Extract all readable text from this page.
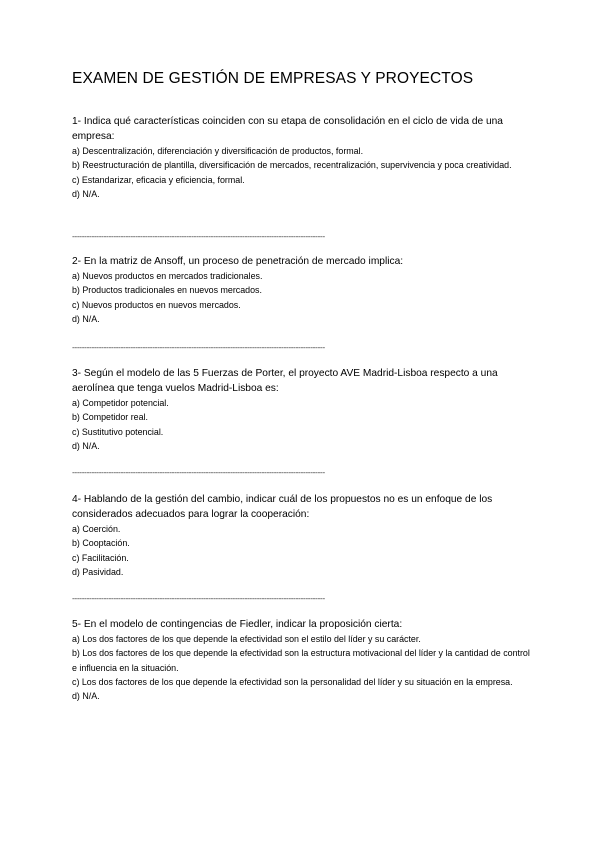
EXAMEN DE GESTIÓN DE EMPRESAS Y PROYECTOS

1- Indica qué características coinciden con su etapa de consolidación en el ciclo de vida de una empresa:

a) Descentralización, diferenciación y diversificación de productos, formal.

b) Reestructuración de plantilla, diversificación de mercados, recentralización, supervivencia y poca creatividad.

c) Estandarizar, eficacia y eficiencia, formal.

d) N/A.

--------------------------------------------------------------------------------------------------------

2- En la matriz de Ansoff, un proceso de penetración de mercado implica:

a) Nuevos productos en mercados tradicionales.

b) Productos tradicionales en nuevos mercados.

c) Nuevos productos en nuevos mercados.

d) N/A.

--------------------------------------------------------------------------------------------------------

3- Según el modelo de las 5 Fuerzas de Porter, el proyecto AVE Madrid-Lisboa respecto a una aerolínea que tenga vuelos Madrid-Lisboa es:

a) Competidor potencial.

b) Competidor real.

c) Sustitutivo potencial.

d) N/A.

--------------------------------------------------------------------------------------------------------

4- Hablando de la gestión del cambio, indicar cuál de los propuestos no es un enfoque de los considerados adecuados para lograr la cooperación:

a) Coerción.

b) Cooptación.

c) Facilitación.

d) Pasividad.

--------------------------------------------------------------------------------------------------------

5- En el modelo de contingencias de Fiedler, indicar la proposición cierta:

a) Los dos factores de los que depende la efectividad son el estilo del líder y su carácter.

b) Los dos factores de los que depende la efectividad son la estructura motivacional del líder y la cantidad de control e influencia en la situación.

c) Los dos factores de los que depende la efectividad son la personalidad del líder y su situación en la empresa.

d) N/A.
